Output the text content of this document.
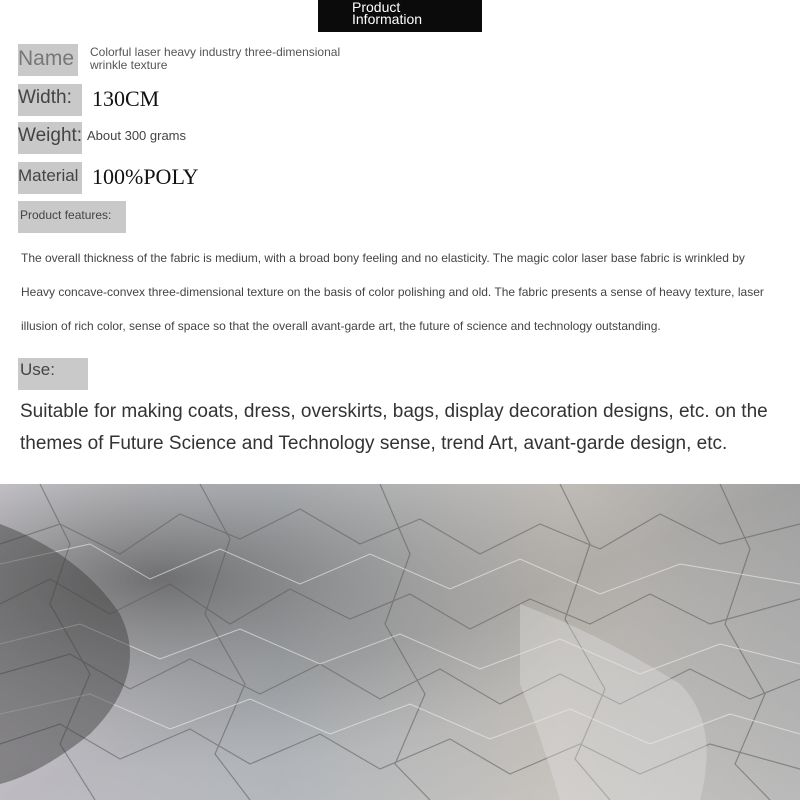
Product
Information
Name	Colorful laser heavy industry three-dimensional wrinkle texture
Width: 130CM
Weight: About 300 grams
Material 100%POLY
Product features:
The overall thickness of the fabric is medium, with a broad bony feeling and no elasticity. The magic color laser base fabric is wrinkled by
Heavy concave-convex three-dimensional texture on the basis of color polishing and old. The fabric presents a sense of heavy texture, laser
illusion of rich color, sense of space so that the overall avant-garde art, the future of science and technology outstanding.
Use:
Suitable for making coats, dress, overskirts, bags, display decoration designs, etc. on the themes of Future Science and Technology sense, trend Art, avant-garde design, etc.
